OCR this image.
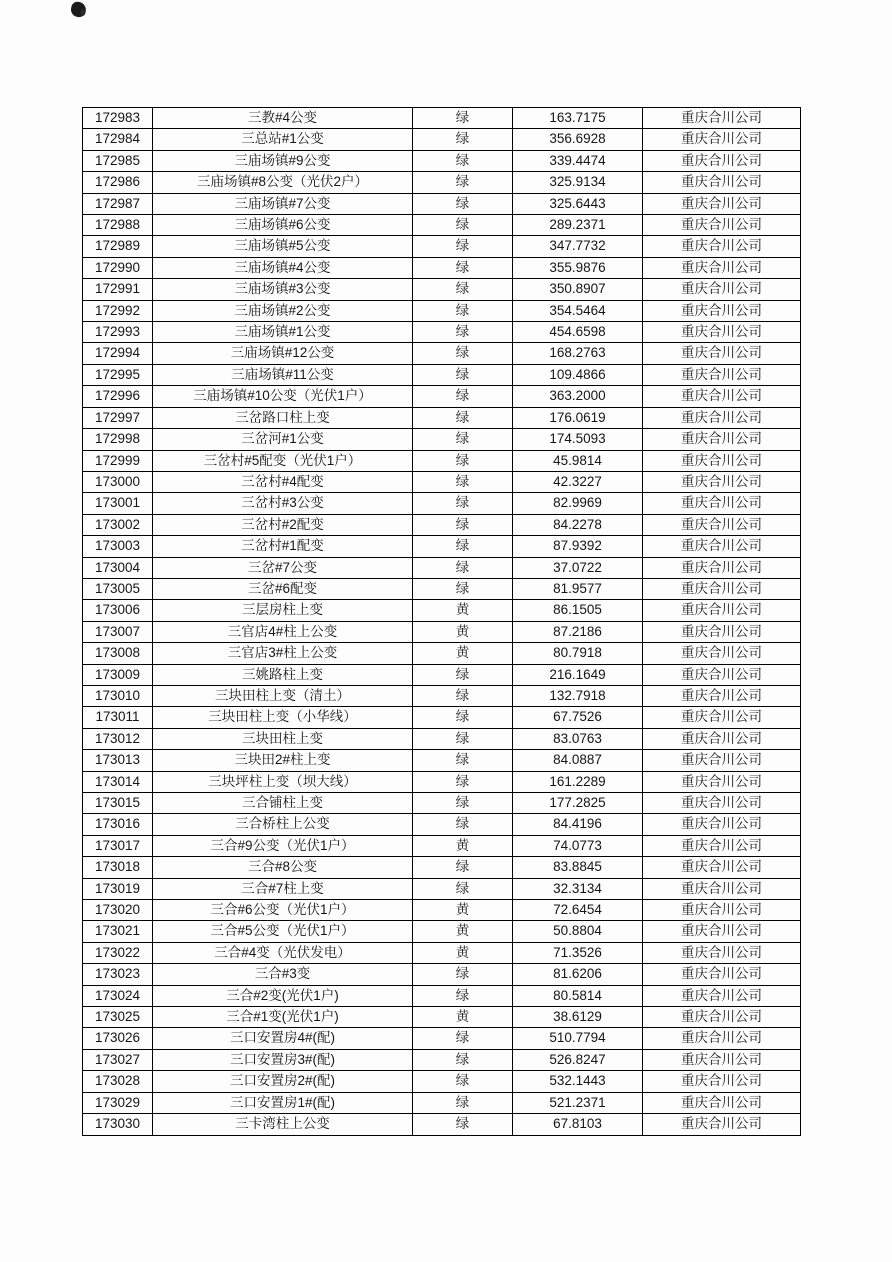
172983	三教#4公变	绿	163.7175	重庆合川公司
172984	三总站#1公变	绿	356.6928	重庆合川公司
172985	三庙场镇#9公变	绿	339.4474	重庆合川公司
172986	三庙场镇#8公变（光伏2户）	绿	325.9134	重庆合川公司
172987	三庙场镇#7公变	绿	325.6443	重庆合川公司
172988	三庙场镇#6公变	绿	289.2371	重庆合川公司
172989	三庙场镇#5公变	绿	347.7732	重庆合川公司
172990	三庙场镇#4公变	绿	355.9876	重庆合川公司
172991	三庙场镇#3公变	绿	350.8907	重庆合川公司
172992	三庙场镇#2公变	绿	354.5464	重庆合川公司
172993	三庙场镇#1公变	绿	454.6598	重庆合川公司
172994	三庙场镇#12公变	绿	168.2763	重庆合川公司
172995	三庙场镇#11公变	绿	109.4866	重庆合川公司
172996	三庙场镇#10公变（光伏1户）	绿	363.2000	重庆合川公司
172997	三岔路口柱上变	绿	176.0619	重庆合川公司
172998	三岔河#1公变	绿	174.5093	重庆合川公司
172999	三岔村#5配变（光伏1户）	绿	45.9814	重庆合川公司
173000	三岔村#4配变	绿	42.3227	重庆合川公司
173001	三岔村#3公变	绿	82.9969	重庆合川公司
173002	三岔村#2配变	绿	84.2278	重庆合川公司
173003	三岔村#1配变	绿	87.9392	重庆合川公司
173004	三岔#7公变	绿	37.0722	重庆合川公司
173005	三岔#6配变	绿	81.9577	重庆合川公司
173006	三层房柱上变	黄	86.1505	重庆合川公司
173007	三官店4#柱上公变	黄	87.2186	重庆合川公司
173008	三官店3#柱上公变	黄	80.7918	重庆合川公司
173009	三姚路柱上变	绿	216.1649	重庆合川公司
173010	三块田柱上变（清土）	绿	132.7918	重庆合川公司
173011	三块田柱上变（小华线）	绿	67.7526	重庆合川公司
173012	三块田柱上变	绿	83.0763	重庆合川公司
173013	三块田2#柱上变	绿	84.0887	重庆合川公司
173014	三块坪柱上变（坝大线）	绿	161.2289	重庆合川公司
173015	三合铺柱上变	绿	177.2825	重庆合川公司
173016	三合桥柱上公变	绿	84.4196	重庆合川公司
173017	三合#9公变（光伏1户）	黄	74.0773	重庆合川公司
173018	三合#8公变	绿	83.8845	重庆合川公司
173019	三合#7柱上变	绿	32.3134	重庆合川公司
173020	三合#6公变（光伏1户）	黄	72.6454	重庆合川公司
173021	三合#5公变（光伏1户）	黄	50.8804	重庆合川公司
173022	三合#4变（光伏发电）	黄	71.3526	重庆合川公司
173023	三合#3变	绿	81.6206	重庆合川公司
173024	三合#2变(光伏1户)	绿	80.5814	重庆合川公司
173025	三合#1变(光伏1户)	黄	38.6129	重庆合川公司
173026	三口安置房4#(配)	绿	510.7794	重庆合川公司
173027	三口安置房3#(配)	绿	526.8247	重庆合川公司
173028	三口安置房2#(配)	绿	532.1443	重庆合川公司
173029	三口安置房1#(配)	绿	521.2371	重庆合川公司
173030	三卡湾柱上公变	绿	67.8103	重庆合川公司
